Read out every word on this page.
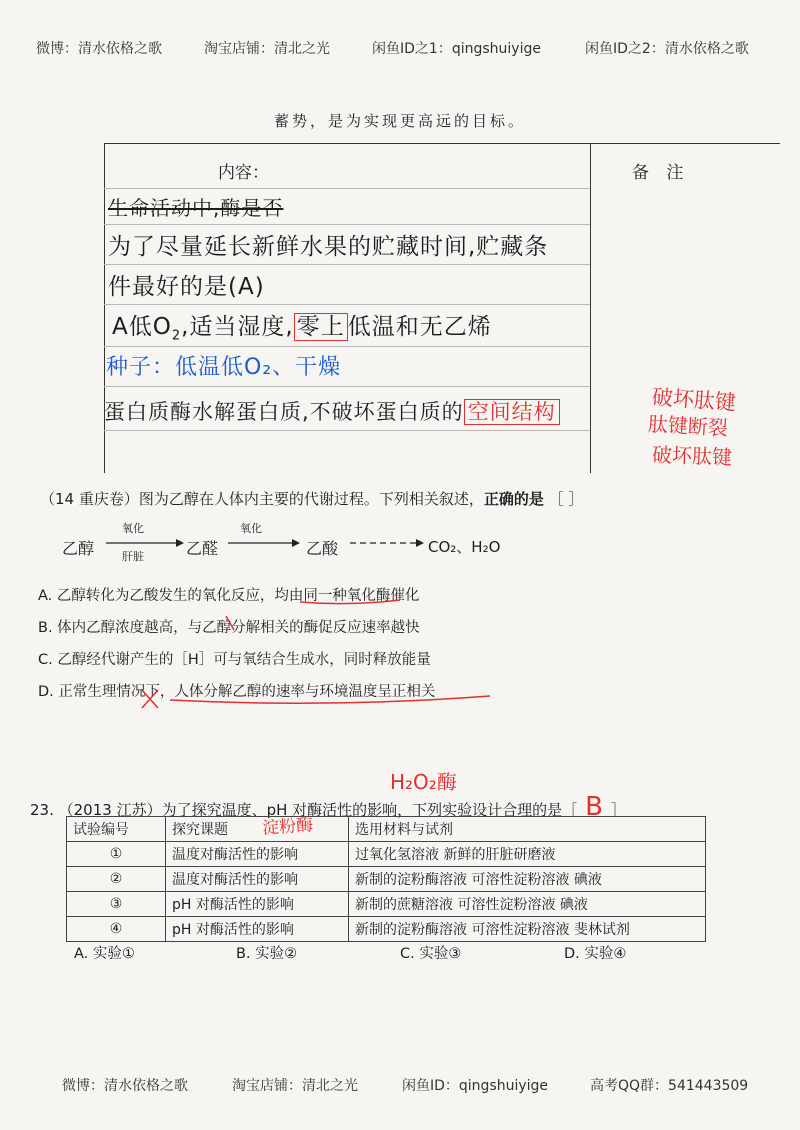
微博：清水依格之歌	淘宝店铺：清北之光	闲鱼ID之1：qingshuiyige	闲鱼ID之2：清水依格之歌
蓄势，是为实现更高远的目标。
内容：	备 注
生命活动中,酶是否
为了尽量延长新鲜水果的贮藏时间,贮藏条
件最好的是(A)
A低$O_2$,适当湿度, 零上 低温和无乙烯
种子：低温低O₂、干燥
蛋白质酶水解蛋白质,不破坏蛋白质的 空间结构	破坏肽键
肽键断裂
破坏肽键
（14 重庆卷）图为乙醇在人体内主要的代谢过程。下列相关叙述，正确的是 ［ ］
乙醇
氧化
肝脏	乙醛
氧化
乙酸	CO₂、H₂O
A. 乙醇转化为乙酸发生的氧化反应，均由同一种氧化酶催化
B. 体内乙醇浓度越高，与乙醇分解相关的酶促反应速率越快
C. 乙醇经代谢产生的［H］可与氧结合生成水，同时释放能量
D. 正常生理情况下，人体分解乙醇的速率与环境温度呈正相关
H₂O₂酶
23. （2013 江苏）为了探究温度、pH 对酶活性的影响，下列实验设计合理的是［ B ］
试验编号	探究课题	选用材料与试剂
①	温度对酶活性的影响	过氧化氢溶液 新鲜的肝脏研磨液
②	温度对酶活性的影响	新制的淀粉酶溶液 可溶性淀粉溶液 碘液
③	pH 对酶活性的影响	新制的蔗糖溶液 可溶性淀粉溶液 碘液
④	pH 对酶活性的影响	新制的淀粉酶溶液 可溶性淀粉溶液 斐林试剂
淀粉酶
A. 实验①	B. 实验②	C. 实验③	D. 实验④
微博：清水依格之歌	淘宝店铺：清北之光	闲鱼ID：qingshuiyige	高考QQ群：541443509
